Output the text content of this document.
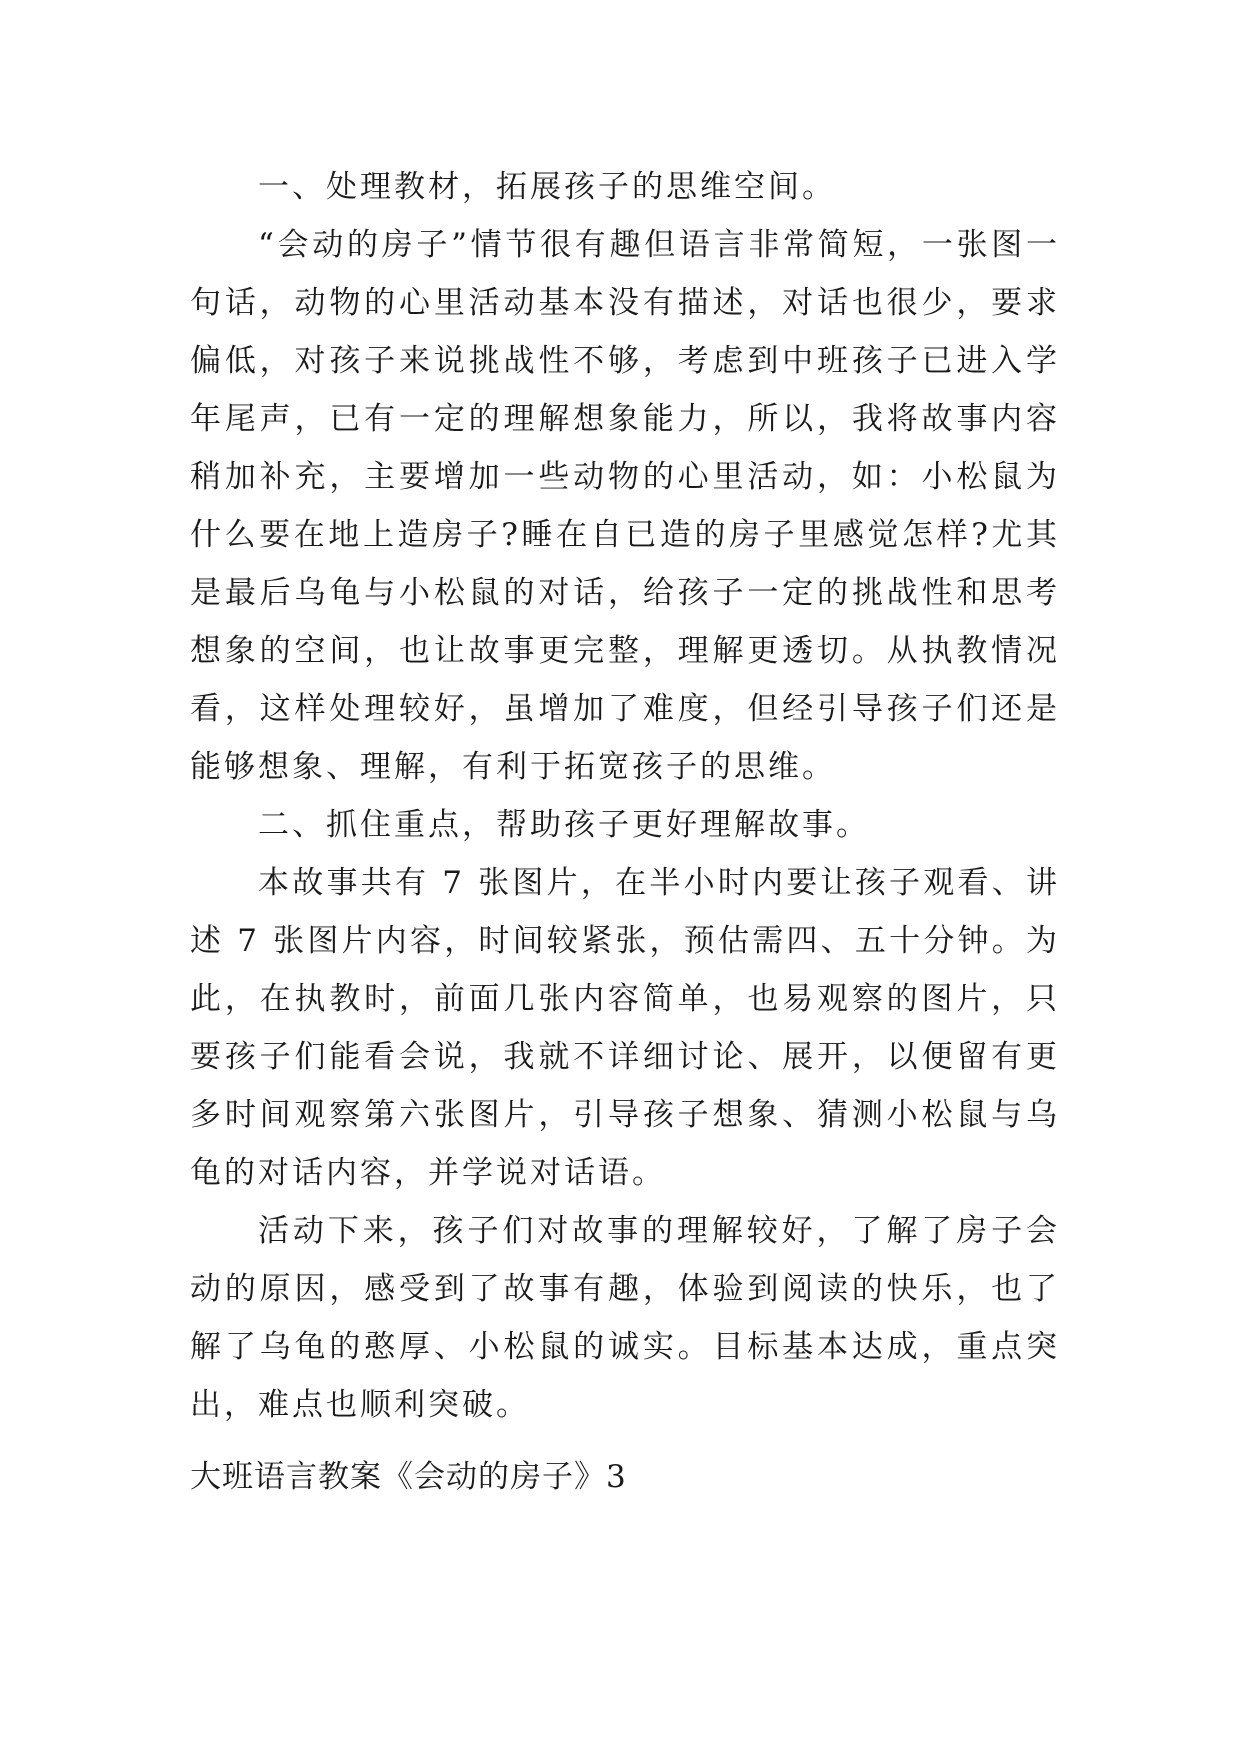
一、处理教材，拓展孩子的思维空间。

“会动的房子”情节很有趣但语言非常简短，一张图一句话，动物的心里活动基本没有描述，对话也很少，要求偏低，对孩子来说挑战性不够，考虑到中班孩子已进入学年尾声，已有一定的理解想象能力，所以，我将故事内容稍加补充，主要增加一些动物的心里活动，如：小松鼠为什么要在地上造房子?睡在自已造的房子里感觉怎样?尤其是最后乌龟与小松鼠的对话，给孩子一定的挑战性和思考想象的空间，也让故事更完整，理解更透切。从执教情况看，这样处理较好，虽增加了难度，但经引导孩子们还是能够想象、理解，有利于拓宽孩子的思维。

二、抓住重点，帮助孩子更好理解故事。

本故事共有 7 张图片，在半小时内要让孩子观看、讲述 7 张图片内容，时间较紧张，预估需四、五十分钟。为此，在执教时，前面几张内容简单，也易观察的图片，只要孩子们能看会说，我就不详细讨论、展开，以便留有更多时间观察第六张图片，引导孩子想象、猜测小松鼠与乌龟的对话内容，并学说对话语。

活动下来，孩子们对故事的理解较好，了解了房子会动的原因，感受到了故事有趣，体验到阅读的快乐，也了解了乌龟的憨厚、小松鼠的诚实。目标基本达成，重点突出，难点也顺利突破。

大班语言教案《会动的房子》3
